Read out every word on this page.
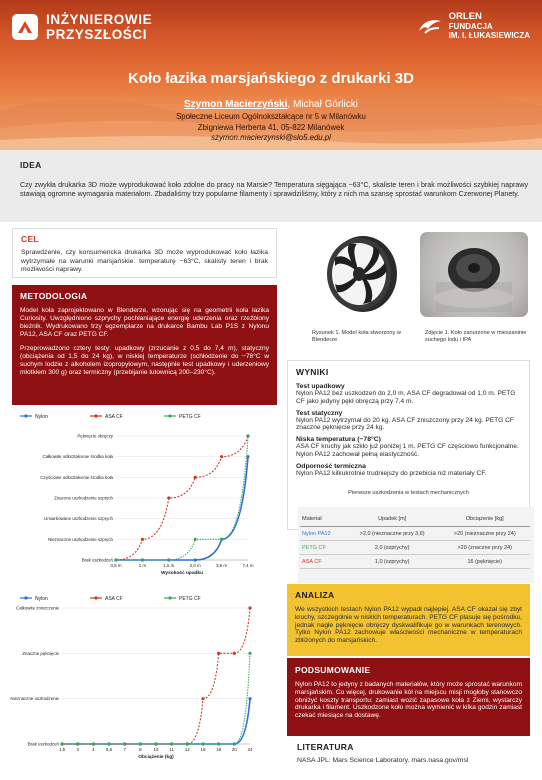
INŻYNIEROWIE
PRZYSZŁOŚCI
ORLEN
FUNDACJA
IM. I. ŁUKASIEWICZA
Koło łazika marsjańskiego z drukarki 3D
Szymon Macierzyński, Michał Górlicki
Społeczne Liceum Ogólnokształcące nr 5 w Milanówku
Zbigniewa Herberta 41, 05-822 Milanówek
szymon.macierzynski@slo5.edu.pl
IDEA
Czy zwykła drukarka 3D może wyprodukować koło zdolne do pracy na Marsie? Temperatura sięgająca −63°C, skaliste teren i brak możliwości szybkiej naprawy stawiają ogromne wymagania materiałom. Zbadaliśmy trzy popularne filamenty i sprawdziliśmy, który z nich ma szansę sprostać warunkom Czerwonej Planety.
CEL
Sprawdzenie, czy konsumencka drukarka 3D może wyprodukować koło łazika wytrzymałe na warunki marsjańskie: temperaturę −63°C, skalisty teren i brak możliwości naprawy.
METODOLOGIA
Model koła zaprojektowano w Blenderze, wzorując się na geometrii koła łazika Curiosity. Uwzględniono szprychy pochłaniające energię uderzenia oraz rzeźbiony bieżnik. Wydrukowano trzy egzemplarze na drukarce Bambu Lab P1S z Nylonu PA12, ASA CF oraz PETG CF.
Przeprowadzono cztery testy: upadkowy (zrzucanie z 0,5 do 7,4 m), statyczny (obciążenia od 1,5 do 24 kg), w niskiej temperaturze (schłodzenie do −78°C w suchym lodzie z alkoholem izopropylowym, następnie test upadkowy i uderzeniowy młotkiem 300 g) oraz termiczny (przebijanie lutownicą 200–230°C).
Rysunek 1. Model koła stworzony w Blenderze
Zdjęcie 1. Koło zanurzone w mieszaninie suchego lodu i IPA
WYNIKI
Test upadkowy
Nylon PA12 bez uszkodzeń do 2,0 m. ASA CF degradował od 1,0 m. PETG CF jako jedyny pękł obręczą przy 7,4 m.
Test statyczny
Nylon PA12 wytrzymał do 20 kg. ASA CF zniszczony przy 24 kg. PETG CF znaczne pęknięcie przy 24 kg.
Niska temperatura (−78°C)
ASA CF kruchy jak szkło już poniżej 1 m. PETG CF częściowo funkcjonalne. Nylon PA12 zachował pełną elastyczność.
Odporność termiczna
Nylon PA12 kilkukrotnie trudniejszy do przebicia niż materiały CF.
Pierwsze uszkodzenia w testach mechanicznych
Materiał	Upadek [m]	Obciążenie [kg]
Nylon PA12	>2,0 (nieznaczne przy 3,6)	>20 (nieznaczne przy 24)
PETG CF	2,0 (szprychy)	>20 (znaczne przy 24)
ASA CF	1,0 (szprychy)	16 (pęknięcie)
ANALIZA
We wszystkich testach Nylon PA12 wypadł najlepiej. ASA CF okazał się zbyt kruchy, szczególnie w niskich temperaturach. PETG CF plasuje się pośrodku, jednak nagłe pęknięcie obręczy dyskwalifikuje go w warunkach terenowych. Tylko Nylon PA12 zachowuje właściwości mechaniczne w temperaturach zbliżonych do marsjańskich.
PODSUMOWANIE
Nylon PA12 to jedyny z badanych materiałów, który może sprostać warunkom marsjańskim. Co więcej, drukowanie kół na miejscu misji mogłoby stanowczo obniżyć koszty transportu: zamiast wozić zapasowe koła z Ziemi, wystarczy drukarka i filament. Uszkodzone koło można wymienić w kilka godzin zamiast czekać miesiące na dostawę.
LITERATURA
NASA JPL: Mars Science Laboratory. mars.nasa.gov/msl
Nylon	ASA CF	PETG CF
Brak uszkodzeń
Nieznaczne uszkodzenie szprych
Umiarkowane uszkodzenie szprych
Znaczne uszkodzenie szprych
Częściowe odkształcenie środka koła
Całkowite odkształcenie środka koła
Pęknięcie obręczy
0,5 m	1 m	1,5 m	2,0 m	3,6 m	7,4 m
Wysokość upadku
Nylon	ASA CF	PETG CF
Brak uszkodzeń
Nieznaczne uszkodzenie
Znaczne pęknięcie
Całkowite zniszczenie
1,5	3	4	5,5	7	8	10 11 12 16 18 20 24
Obciążenie (kg)
